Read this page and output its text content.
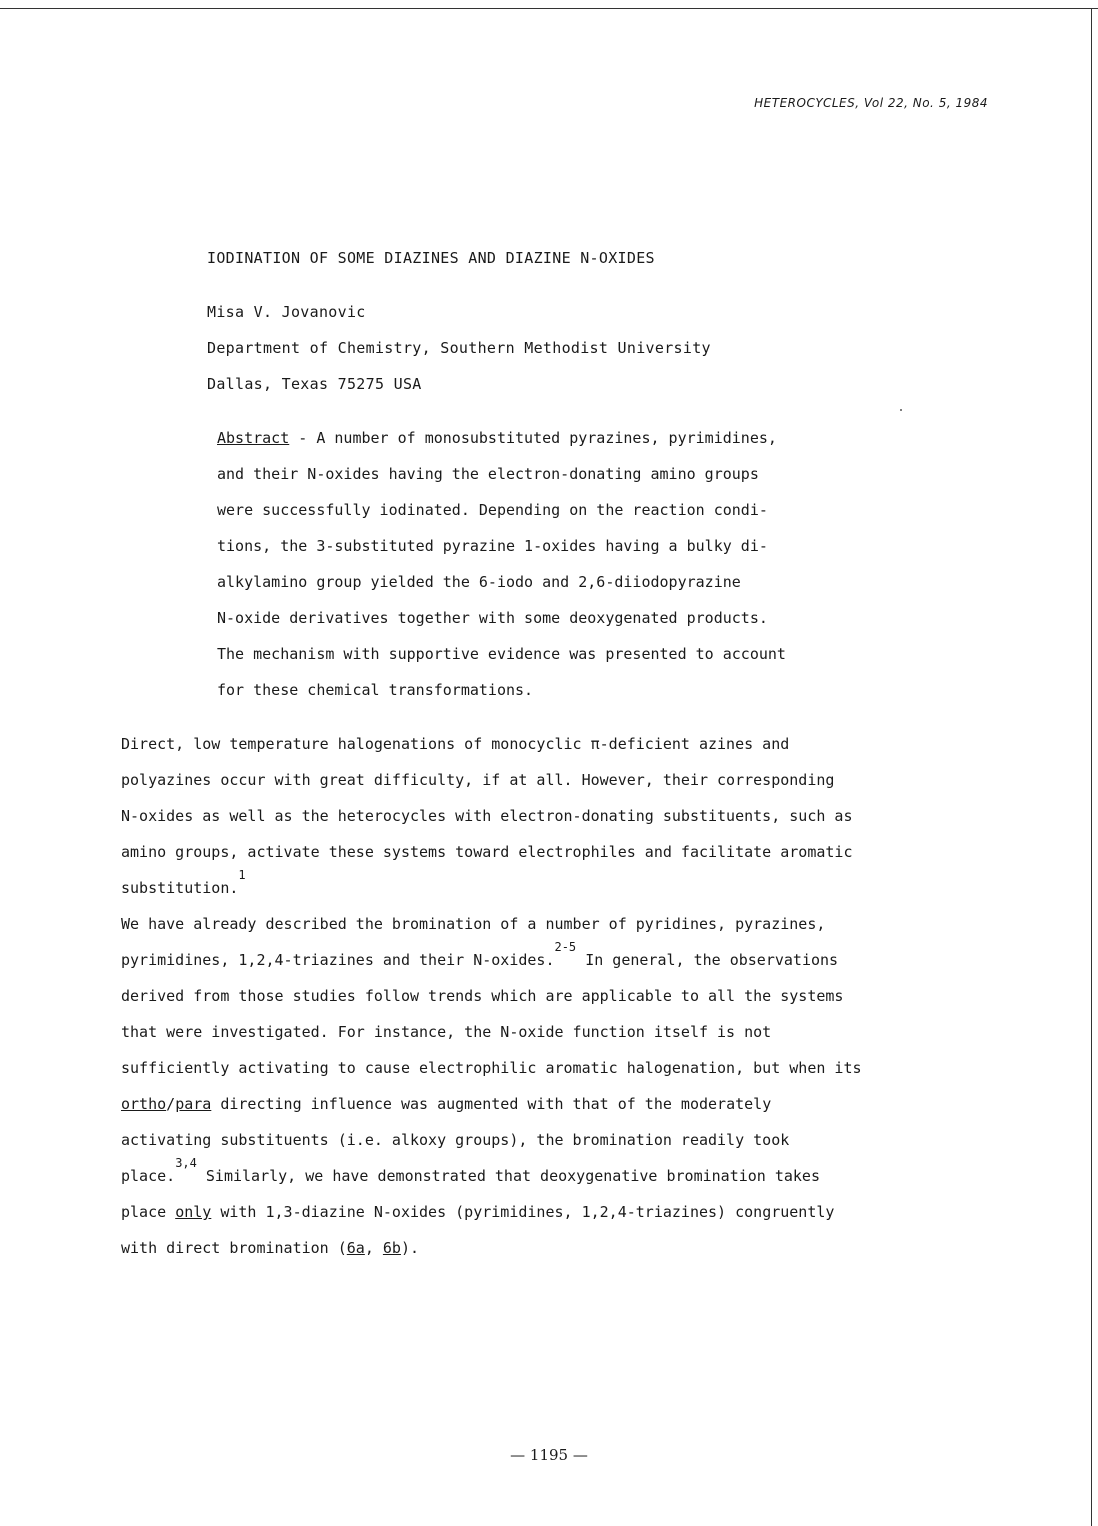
HETEROCYCLES, Vol 22, No. 5, 1984
IODINATION OF SOME DIAZINES AND DIAZINE N-OXIDES
Misa V. Jovanovic
Department of Chemistry, Southern Methodist University
Dallas, Texas 75275 USA
Abstract - A number of monosubstituted pyrazines, pyrimidines,
and their N-oxides having the electron-donating amino groups
were successfully iodinated. Depending on the reaction condi-
tions, the 3-substituted pyrazine 1-oxides having a bulky di-
alkylamino group yielded the 6-iodo and 2,6-diiodopyrazine
N-oxide derivatives together with some deoxygenated products.
The mechanism with supportive evidence was presented to account
for these chemical transformations.
Direct, low temperature halogenations of monocyclic π-deficient azines and
polyazines occur with great difficulty, if at all. However, their corresponding
N-oxides as well as the heterocycles with electron-donating substituents, such as
amino groups, activate these systems toward electrophiles and facilitate aromatic
substitution.$^1$
We have already described the bromination of a number of pyridines, pyrazines,
pyrimidines, 1,2,4-triazines and their N-oxides.$^{2-5}$ In general, the observations
derived from those studies follow trends which are applicable to all the systems
that were investigated. For instance, the N-oxide function itself is not
sufficiently activating to cause electrophilic aromatic halogenation, but when its
ortho/para directing influence was augmented with that of the moderately
activating substituents (i.e. alkoxy groups), the bromination readily took
place.$^{3,4}$ Similarly, we have demonstrated that deoxygenative bromination takes
place only with 1,3-diazine N-oxides (pyrimidines, 1,2,4-triazines) congruently
with direct bromination (6a, 6b).
— 1195 —
